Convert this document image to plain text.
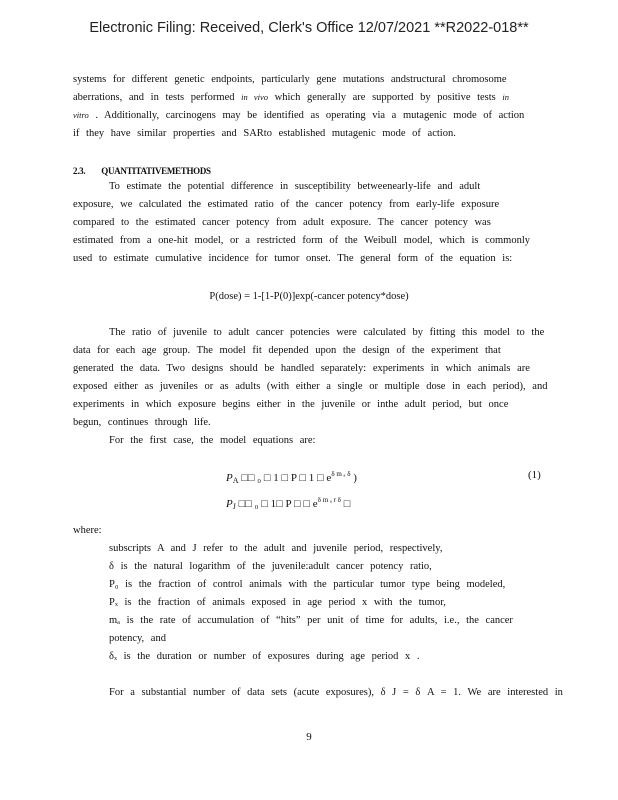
Electronic Filing: Received, Clerk's Office 12/07/2021 **R2022-018**
systems for different genetic endpoints, particularly gene mutations andstructural chromosome
aberrations, and in tests performed in vivo which generally are supported by positive tests in
vitro . Additionally, carcinogens may be identified as operating via a mutagenic mode of action
if they have similar properties and SARto established mutagenic mode of action.
2.3. QUANTITATIVEMETHODS
To estimate the potential difference in susceptibility betweenearly-life and adult
exposure, we calculated the estimated ratio of the cancer potency from early-life exposure
compared to the estimated cancer potency from adult exposure. The cancer potency was
estimated from a one-hit model, or a restricted form of the Weibull model, which is commonly
used to estimate cumulative incidence for tumor onset. The general form of the equation is:
P(dose) = 1-[1-P(0)]exp(-cancer potency*dose)
The ratio of juvenile to adult cancer potencies were calculated by fitting this model to the
data for each age group. The model fit depended upon the design of the experiment that
generated the data. Two designs should be handled separately: experiments in which animals are
exposed either as juveniles or as adults (with either a single or multiple dose in each period), and
experiments in which exposure begins either in the juvenile or inthe adult period, but once
begun, continues through life.
For the first case, the model equations are:
PA □□ ₀ □ 1 □ P □ 1 □ $e^{\delta m _a \delta}$ )
PJ □□ ₀ □ 1□ P □ □ $e^{\delta m _a r \delta}$ □
(1)
where:
subscripts A and J refer to the adult and juvenile period, respectively,
δ is the natural logarithm of the juvenile:adult cancer potency ratio,
P₀ is the fraction of control animals with the particular tumor type being modeled,
Pₓ is the fraction of animals exposed in age period x with the tumor,
mₐ is the rate of accumulation of “hits” per unit of time for adults, i.e., the cancer
potency, and
δₓ is the duration or number of exposures during age period x .
For a substantial number of data sets (acute exposures), δ J = δ A = 1. We are interested in
9
